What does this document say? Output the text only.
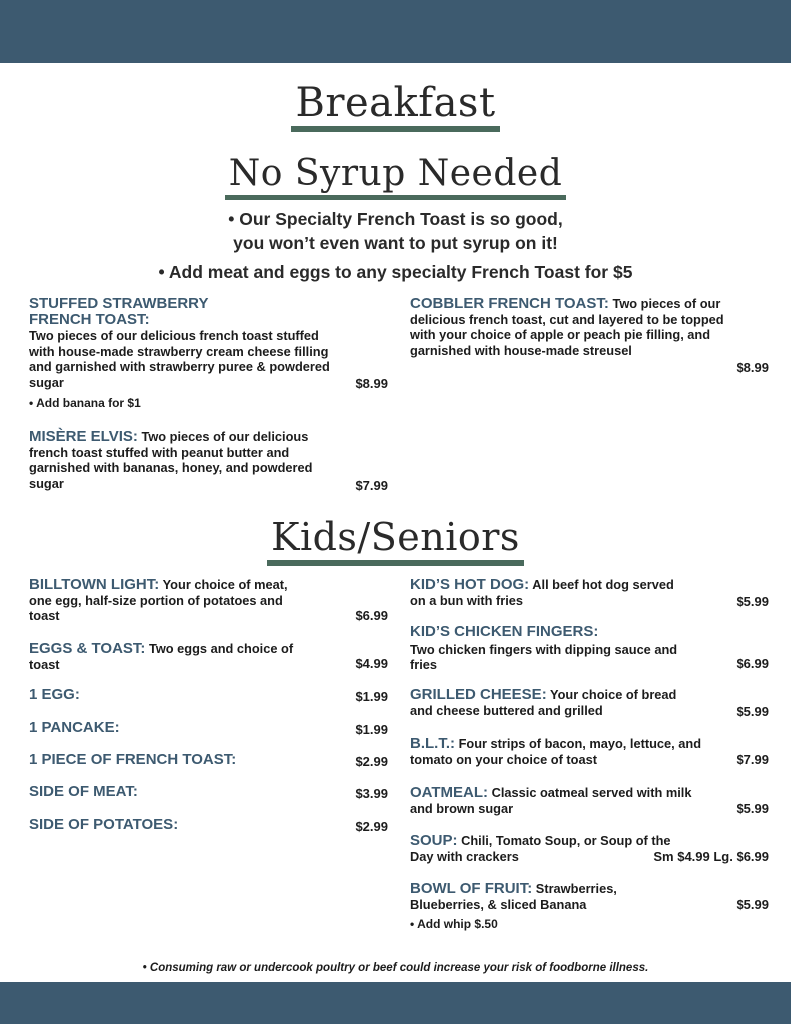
Breakfast
No Syrup Needed
• Our Specialty French Toast is so good,
you won’t even want to put syrup on it!
• Add meat and eggs to any specialty French Toast for $5
STUFFED STRAWBERRY
FRENCH TOAST:
Two pieces of our delicious french toast stuffed with house-made strawberry cream cheese filling and garnished with strawberry puree & powdered sugar	$8.99
• Add banana for $1
MISÈRE ELVIS: Two pieces of our delicious french toast stuffed with peanut butter and garnished with bananas, honey, and powdered sugar	$7.99
COBBLER FRENCH TOAST: Two pieces of our delicious french toast, cut and layered to be topped with your choice of apple or peach pie filling, and garnished with house-made streusel
$8.99
Kids/Seniors
BILLTOWN LIGHT: Your choice of meat, one egg, half-size portion of potatoes and toast	$6.99
EGGS & TOAST: Two eggs and choice of toast	$4.99
1 EGG:	$1.99
1 PANCAKE:	$1.99
1 PIECE OF FRENCH TOAST:	$2.99
SIDE OF MEAT:	$3.99
SIDE OF POTATOES:	$2.99
KID’S HOT DOG: All beef hot dog served on a bun with fries	$5.99
KID’S CHICKEN FINGERS:
Two chicken fingers with dipping sauce and fries	$6.99
GRILLED CHEESE: Your choice of bread and cheese buttered and grilled	$5.99
B.L.T.: Four strips of bacon, mayo, lettuce, and tomato on your choice of toast	$7.99
OATMEAL: Classic oatmeal served with milk and brown sugar	$5.99
SOUP: Chili, Tomato Soup, or Soup of the Day with crackers	Sm $4.99 Lg. $6.99
BOWL OF FRUIT: Strawberries, Blueberries, & sliced Banana	$5.99
• Add whip $.50
• Consuming raw or undercook poultry or beef could increase your risk of foodborne illness.
